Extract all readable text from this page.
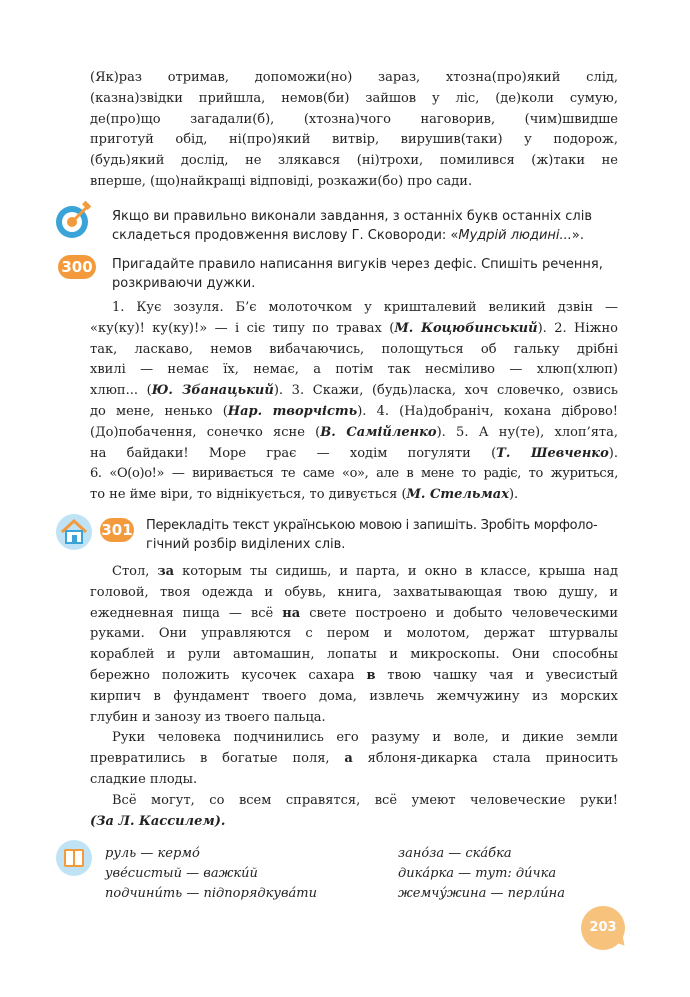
(Як)раз отримав, допоможи(но) зараз, хтозна(про)який слід,
(казна)звідки прийшла, немов(би) зайшов у ліс, (де)коли сумую,
де(про)що загадали(б), (хтозна)чого наговорив, (чим)швидше
приготуй обід, ні(про)який витвір, вирушив(таки) у подорож,
(будь)який дослід, не злякався (ні)трохи, помилився (ж)таки не
вперше, (що)найкращі відповіді, розкажи(бо) про сади.
Якщо ви правильно виконали завдання, з останніх букв останніх слів
складеться продовження вислову Г. Сковороди: «Мудрій людині...».
300 Пригадайте правило написання вигуків через дефіс. Спишіть речення,
розкриваючи дужки.
1. Кує зозуля. Б’є молоточком у кришталевий великий дзвін —
«ку(ку)! ку(ку)!» — і сіє типу по травах (М. Коцюбинський). 2. Ніжно
так, ласкаво, немов вибачаючись, полощуться об гальку дрібні
хвилі — немає їх, немає, а потім так несміливо — хлюп(хлюп)
хлюп... (Ю. Збанацький). 3. Скажи, (будь)ласка, хоч словечко, озвись
до мене, ненько (Нар. творчість). 4. (На)добраніч, кохана діброво!
(До)побачення, сонечко ясне (В. Самійленко). 5. А ну(те), хлоп’ята,
на байдаки! Море грає — ходім погуляти (Т. Шевченко).
6. «О(о)о!» — виривається те саме «о», але в мене то радіє, то журиться,
то не йме віри, то віднікується, то дивується (М. Стельмах).
301 Перекладіть текст українською мовою і запишіть. Зробіть морфоло-
гічний розбір виділених слів.
Стол, за которым ты сидишь, и парта, и окно в классе, крыша над
головой, твоя одежда и обувь, книга, захватывающая твою душу, и
ежедневная пища — всё на свете построено и добыто человеческими
руками. Они управляются с пером и молотом, держат штурвалы
кораблей и рули автомашин, лопаты и микроскопы. Они способны
бережно положить кусочек сахара в твою чашку чая и увесистый
кирпич в фундамент твоего дома, извлечь жемчужину из морских
глубин и занозу из твоего пальца.
Руки человека подчинились его разуму и воле, и дикие земли
превратились в богатые поля, а яблоня-дикарка стала приносить
сладкие плоды.
Всё могут, со всем справятся, всё умеют человеческие руки!
(За Л. Кассилем).
руль — кермо́
уве́систый — важки́й
подчини́ть — підпорядкува́ти
зано́за — ска́бка
дика́рка — тут: ди́чка
жемчу́жина — перли́на
203
